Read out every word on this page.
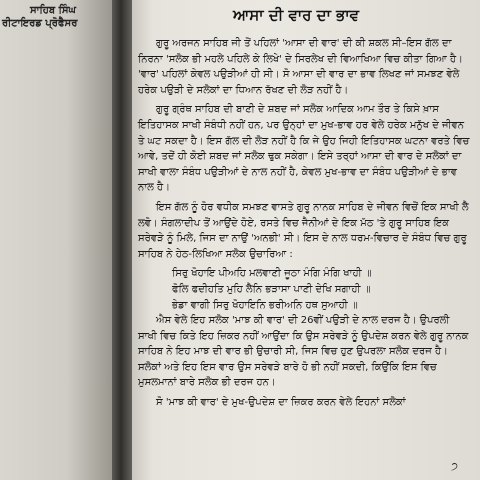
ਸਾਹਿਬ ਸਿੰਘ
ਰੀਟਾਇਰਡ ਪ੍ਰੋਫੈਸਰ	ਆਸਾ ਦੀ ਵਾਰ ਦਾ ਭਾਵ

ਗੁਰੂ ਅਰਜਨ ਸਾਹਿਬ ਜੀ ਤੋਂ ਪਹਿਲਾਂ 'ਆਸਾ ਦੀ ਵਾਰ' ਦੀ ਕੀ ਸ਼ਕਲ ਸੀ–ਇਸ ਗੱਲ ਦਾ ਨਿਰਨਾ 'ਸਲੋਕ ਭੀ ਮਹਲੇ ਪਹਿਲੇ ਕੇ ਲਿਖੇ' ਦੇ ਸਿਰਲੇਖ ਦੀ ਵਿਆਖਿਆ ਵਿਚ ਕੀਤਾ ਗਿਆ ਹੈ। 'ਵਾਰ' ਪਹਿਲਾਂ ਕੇਵਲ ਪਉੜੀਆਂ ਹੀ ਸੀ। ਸੋ ਆਸਾ ਦੀ ਵਾਰ ਦਾ ਭਾਵ ਲਿਖਣ ਜਾਂ ਸਮਝਣ ਵੇਲੇ ਹਰੇਕ ਪਉੜੀ ਦੇ ਸਲੋਕਾਂ ਦਾ ਧਿਆਨ ਰੱਖਣ ਦੀ ਲੋੜ ਨਹੀਂ ਹੈ।

ਗੁਰੂ ਗ੍ਰੰਥ ਸਾਹਿਬ ਦੀ ਬਾਣੀ ਦੇ ਸ਼ਬਦ ਜਾਂ ਸਲੋਕ ਆਦਿਕ ਆਮ ਤੌਰ ਤੇ ਕਿਸੇ ਖ਼ਾਸ ਇਤਿਹਾਸਕ ਸਾਖੀ ਸੰਬੰਧੀ ਨਹੀਂ ਹਨ, ਪਰ ਉਨ੍ਹਾਂ ਦਾ ਮੁਖ-ਭਾਵ ਹਰ ਵੇਲੇ ਹਰੇਕ ਮਨੁੱਖ ਦੇ ਜੀਵਨ ਤੇ ਘਟ ਸਕਦਾ ਹੈ। ਇਸ ਗੱਲ ਦੀ ਲੋੜ ਨਹੀਂ ਹੈ ਕਿ ਜੇ ਉਹ ਜਿਹੀ ਇਤਿਹਾਸਕ ਘਟਨਾ ਵਰਤੇ ਵਿਚ ਆਵੇ, ਤਦੋਂ ਹੀ ਕੋਈ ਸ਼ਬਦ ਜਾਂ ਸਲੋਕ ਢੁਕ ਸਕੇਗਾ। ਇਸੇ ਤਰ੍ਹਾਂ ਆਸਾ ਦੀ ਵਾਰ ਦੇ ਸਲੋਕਾਂ ਦਾ ਸਾਖੀ ਵਾਲਾ ਸੰਬੰਧ ਪਉੜੀਆਂ ਦੇ ਨਾਲ ਨਹੀਂ ਹੈ, ਕੇਵਲ ਮੁਖ-ਭਾਵ ਦਾ ਸੰਬੰਧ ਪਉੜੀਆਂ ਦੇ ਭਾਵ ਨਾਲ ਹੈ।

ਇਸ ਗੱਲ ਨੂੰ ਹੋਰ ਵਧੀਕ ਸਮਝਣ ਵਾਸਤੇ ਗੁਰੂ ਨਾਨਕ ਸਾਹਿਬ ਦੇ ਜੀਵਨ ਵਿਚੋਂ ਇਕ ਸਾਖੀ ਲੈ ਲਵੋ। ਸੰਗਲਾਦੀਪ ਤੋਂ ਆਉਂਦੇ ਹੋਏ, ਰਸਤੇ ਵਿਚ ਜੈਨੀਆਂ ਦੇ ਇਕ ਮੱਠ 'ਤੇ ਗੁਰੂ ਸਾਹਿਬ ਇਕ ਸਰੇਵੜੇ ਨੂੰ ਮਿਲੇ, ਜਿਸ ਦਾ ਨਾਉਂ 'ਅਨਭੀ' ਸੀ। ਇਸ ਦੇ ਨਾਲ ਧਰਮ-ਵਿਚਾਰ ਦੇ ਸੰਬੰਧ ਵਿਚ ਗੁਰੂ ਸਾਹਿਬ ਨੇ ਹੇਠ-ਲਿਖਿਆ ਸਲੋਕ ਉਚਾਰਿਆ :

ਸਿਰੁ ਖੋਹਾਇ ਪੀਅਹਿ ਮਲਵਾਣੀ ਜੂਠਾ ਮੰਗਿ ਮੰਗਿ ਖਾਹੀ ॥

ਫੋਲਿ ਫਦੀਹਤਿ ਮੁਹਿ ਲੈਨਿ ਭੜਾਸਾ ਪਾਣੀ ਦੇਖਿ ਸਗਾਹੀ ॥

ਭੇਡਾ ਵਾਗੀ ਸਿਰੁ ਖੋਹਾਇਨਿ ਭਰੀਅਨਿ ਹਥ ਸੁਆਹੀ ॥

ਐਸ ਵੇਲੇ ਇਹ ਸਲੋਕ 'ਮਾਝ ਕੀ ਵਾਰ' ਦੀ 26ਵੀਂ ਪਉੜੀ ਦੇ ਨਾਲ ਦਰਜ ਹੈ। ਉਪਰਲੀ ਸਾਖੀ ਵਿਚ ਕਿਤੇ ਇਹ ਜ਼ਿਕਰ ਨਹੀਂ ਆਉਂਦਾ ਕਿ ਉਸ ਸਰੇਵੜੇ ਨੂੰ ਉਪਦੇਸ਼ ਕਰਨ ਵੇਲੇ ਗੁਰੂ ਨਾਨਕ ਸਾਹਿਬ ਨੇ ਇਹ ਮਾਝ ਦੀ ਵਾਰ ਭੀ ਉਚਾਰੀ ਸੀ, ਜਿਸ ਵਿਚ ਹੁਣ ਉਪਰਲਾ ਸਲੋਕ ਦਰਜ ਹੈ। ਸਲੋਕਾਂ ਅਤੇ ਇਹ ਇਸ ਵਾਰ ਉਸ ਸਰੇਵੜੇ ਬਾਰੇ ਹੋ ਭੀ ਨਹੀਂ ਸਕਦੀ, ਕਿਉਂਕਿ ਇਸ ਵਿਚ ਮੁਸਲਮਾਨਾਂ ਬਾਰੇ ਸਲੋਕ ਭੀ ਦਰਜ ਹਨ।

ਸੋ 'ਮਾਝ ਕੀ ਵਾਰ' ਦੇ ਮੁਖ-ਉਪਦੇਸ਼ ਦਾ ਜ਼ਿਕਰ ਕਰਨ ਵੇਲੇ ਇਹਨਾਂ ਸਲੋਕਾਂ

੭
